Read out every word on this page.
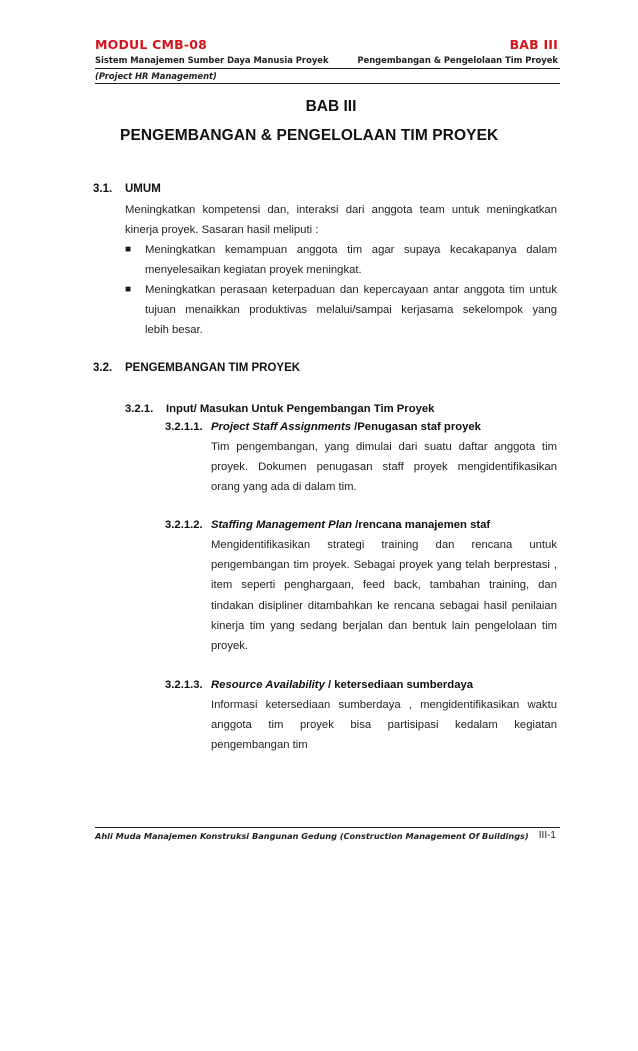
MODUL CMB-08	BAB III
Sistem Manajemen Sumber Daya Manusia Proyek	Pengembangan & Pengelolaan Tim Proyek
(Project HR Management)
BAB III
PENGEMBANGAN & PENGELOLAAN TIM PROYEK
3.1. UMUM
Meningkatkan kompetensi dan, interaksi dari anggota team untuk meningkatkan
kinerja proyek. Sasaran hasil meliputi :
■ Meningkatkan kemampuan anggota tim agar supaya kecakapanya dalam
menyelesaikan kegiatan proyek meningkat.
■ Meningkatkan perasaan keterpaduan dan kepercayaan antar anggota tim untuk
tujuan menaikkan produktivas melalui/sampai kerjasama sekelompok yang
lebih besar.
3.2. PENGEMBANGAN TIM PROYEK
3.2.1. Input/ Masukan Untuk Pengembangan Tim Proyek
3.2.1.1. Project Staff Assignments /Penugasan staf proyek
Tim pengembangan, yang dimulai dari suatu daftar anggota tim
proyek. Dokumen penugasan staff proyek mengidentifikasikan
orang yang ada di dalam tim.
3.2.1.2. Staffing Management Plan /rencana manajemen staf
Mengidentifikasikan strategi training dan rencana untuk
pengembangan tim proyek. Sebagai proyek yang telah berprestasi ,
item seperti penghargaan, feed back, tambahan training, dan
tindakan disipliner ditambahkan ke rencana sebagai hasil penilaian
kinerja tim yang sedang berjalan dan bentuk lain pengelolaan tim
proyek.
3.2.1.3. Resource Availability / ketersediaan sumberdaya
Informasi ketersediaan sumberdaya , mengidentifikasikan waktu
anggota tim proyek bisa partisipasi kedalam kegiatan
pengembangan tim
Ahli Muda Manajemen Konstruksi Bangunan Gedung (Construction Management Of Buildings) III-1
